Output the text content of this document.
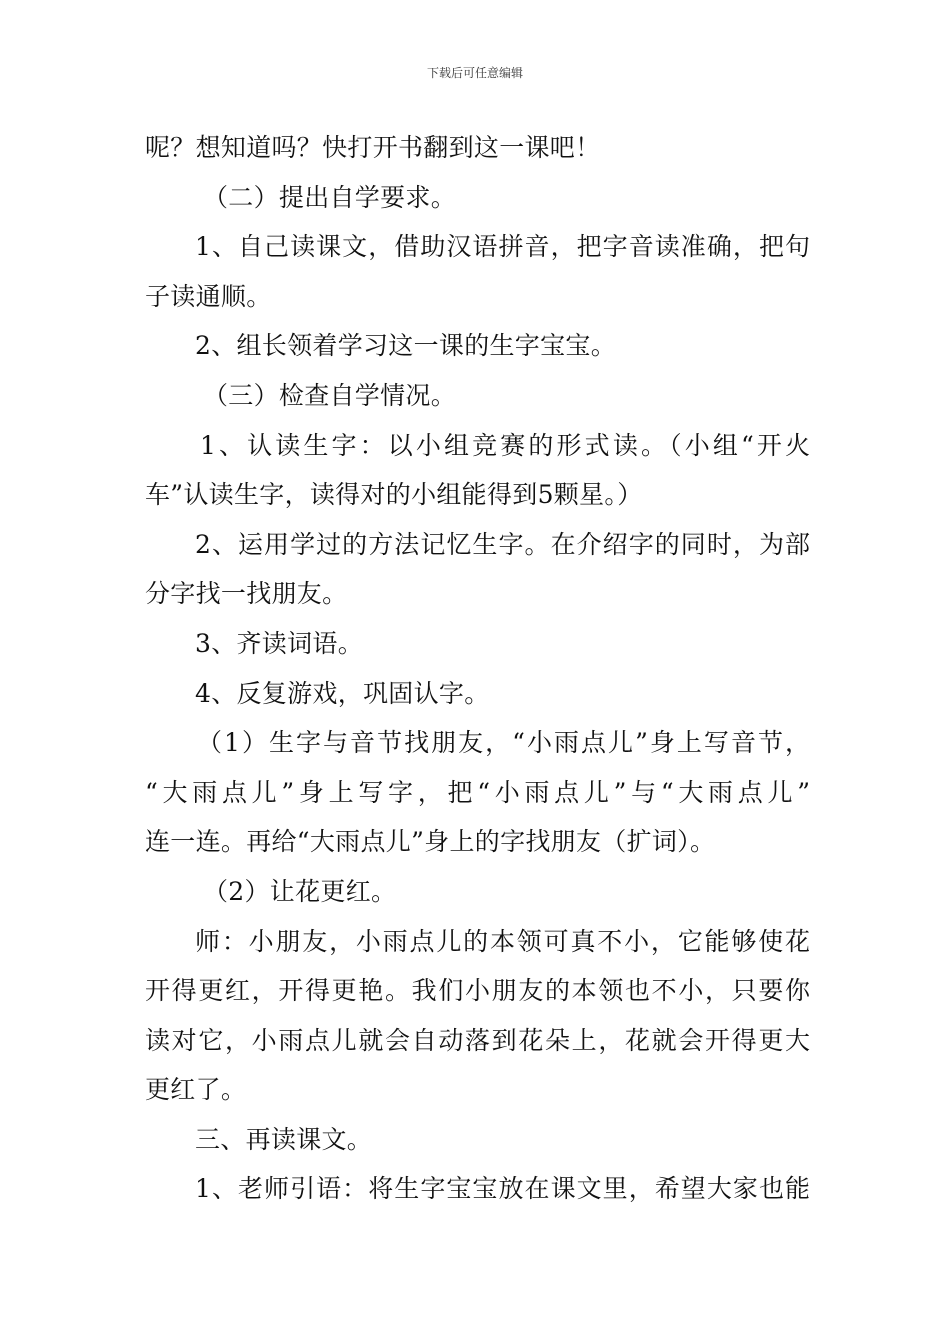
下载后可任意编辑
呢？想知道吗？快打开书翻到这一课吧！
（二）提出自学要求。
1、自己读课文，借助汉语拼音，把字音读准确，把句
子读通顺。
2、组长领着学习这一课的生字宝宝。
（三）检查自学情况。
1、认读生字：以小组竞赛的形式读。（小组“开火
车”认读生字，读得对的小组能得到5颗星。）
2、运用学过的方法记忆生字。在介绍字的同时，为部
分字找一找朋友。
3、齐读词语。
4、反复游戏，巩固认字。
（1）生字与音节找朋友，“小雨点儿”身上写音节，
“大雨点儿”身上写字，把“小雨点儿”与“大雨点儿”
连一连。再给“大雨点儿”身上的字找朋友（扩词）。
（2）让花更红。
师：小朋友，小雨点儿的本领可真不小，它能够使花
开得更红，开得更艳。我们小朋友的本领也不小，只要你
读对它，小雨点儿就会自动落到花朵上，花就会开得更大
更红了。
三、再读课文。
1、老师引语：将生字宝宝放在课文里，希望大家也能
